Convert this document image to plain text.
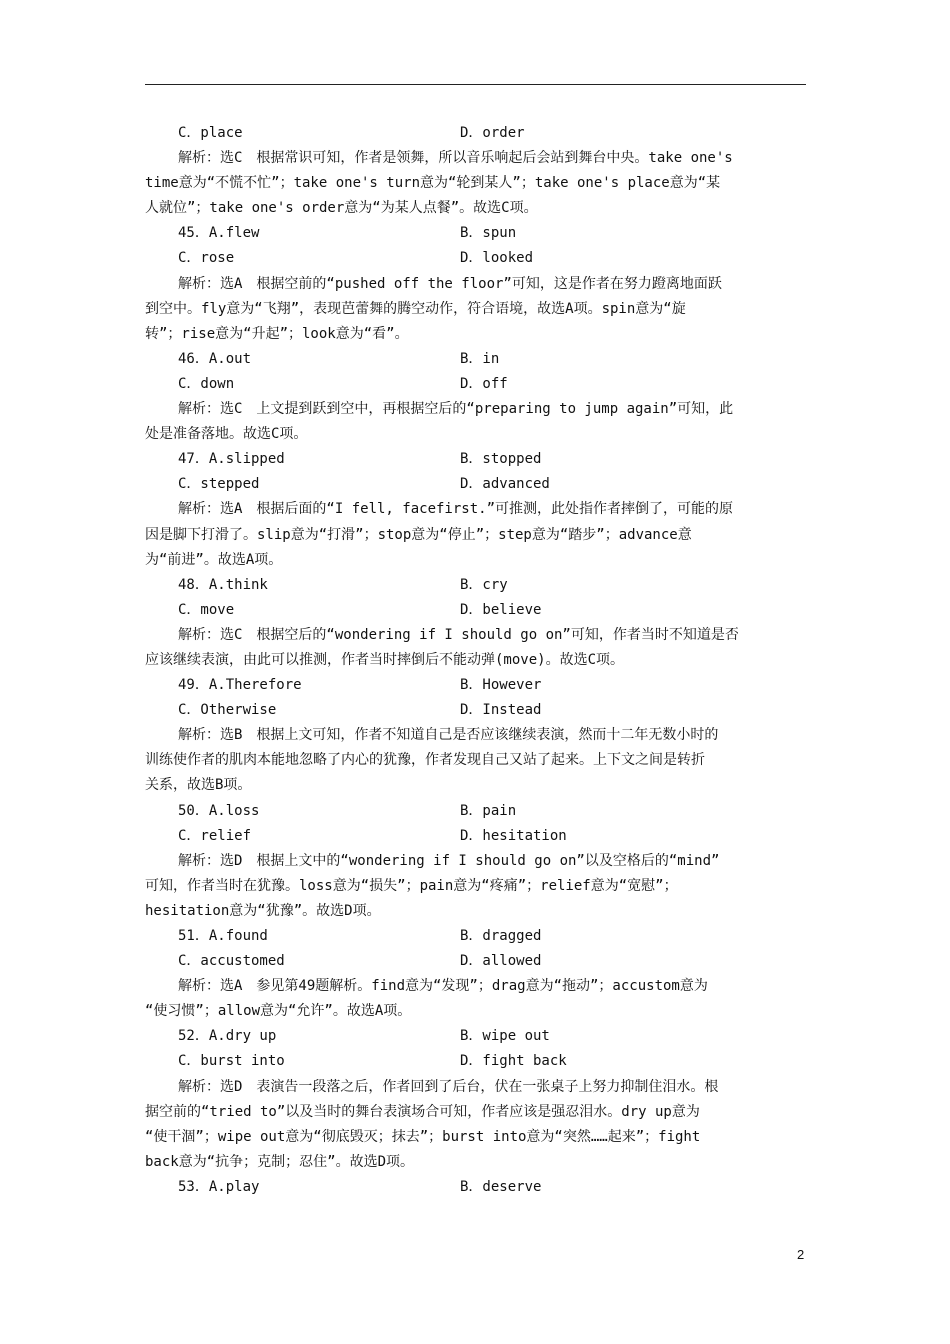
C．place	D．order
解析：选C　根据常识可知，作者是领舞，所以音乐响起后会站到舞台中央。take one's
time意为“不慌不忙”；take one's turn意为“轮到某人”；take one's place意为“某
人就位”；take one's order意为“为某人点餐”。故选C项。
45．A.flew	B．spun
C．rose	D．looked
解析：选A　根据空前的“pushed off the floor”可知，这是作者在努力蹬离地面跃
到空中。fly意为“飞翔”，表现芭蕾舞的腾空动作，符合语境，故选A项。spin意为“旋
转”；rise意为“升起”；look意为“看”。
46．A.out	B．in
C．down	D．off
解析：选C　上文提到跃到空中，再根据空后的“preparing to jump again”可知，此
处是准备落地。故选C项。
47．A.slipped	B．stopped
C．stepped	D．advanced
解析：选A　根据后面的“I fell, facefirst.”可推测，此处指作者摔倒了，可能的原
因是脚下打滑了。slip意为“打滑”；stop意为“停止”；step意为“踏步”；advance意
为“前进”。故选A项。
48．A.think	B．cry
C．move	D．believe
解析：选C　根据空后的“wondering if I should go on”可知，作者当时不知道是否
应该继续表演，由此可以推测，作者当时摔倒后不能动弹(move)。故选C项。
49．A.Therefore	B．However
C．Otherwise	D．Instead
解析：选B　根据上文可知，作者不知道自己是否应该继续表演，然而十二年无数小时的
训练使作者的肌肉本能地忽略了内心的犹豫，作者发现自己又站了起来。上下文之间是转折
关系，故选B项。
50．A.loss	B．pain
C．relief	D．hesitation
解析：选D　根据上文中的“wondering if I should go on”以及空格后的“mind”
可知，作者当时在犹豫。loss意为“损失”；pain意为“疼痛”；relief意为“宽慰”；
hesitation意为“犹豫”。故选D项。
51．A.found	B．dragged
C．accustomed	D．allowed
解析：选A　参见第49题解析。find意为“发现”；drag意为“拖动”；accustom意为
“使习惯”；allow意为“允许”。故选A项。
52．A.dry up	B．wipe out
C．burst into	D．fight back
解析：选D　表演告一段落之后，作者回到了后台，伏在一张桌子上努力抑制住泪水。根
据空前的“tried to”以及当时的舞台表演场合可知，作者应该是强忍泪水。dry up意为
“使干涸”；wipe out意为“彻底毁灭；抹去”；burst into意为“突然……起来”；fight
back意为“抗争；克制；忍住”。故选D项。
53．A.play	B．deserve
2
